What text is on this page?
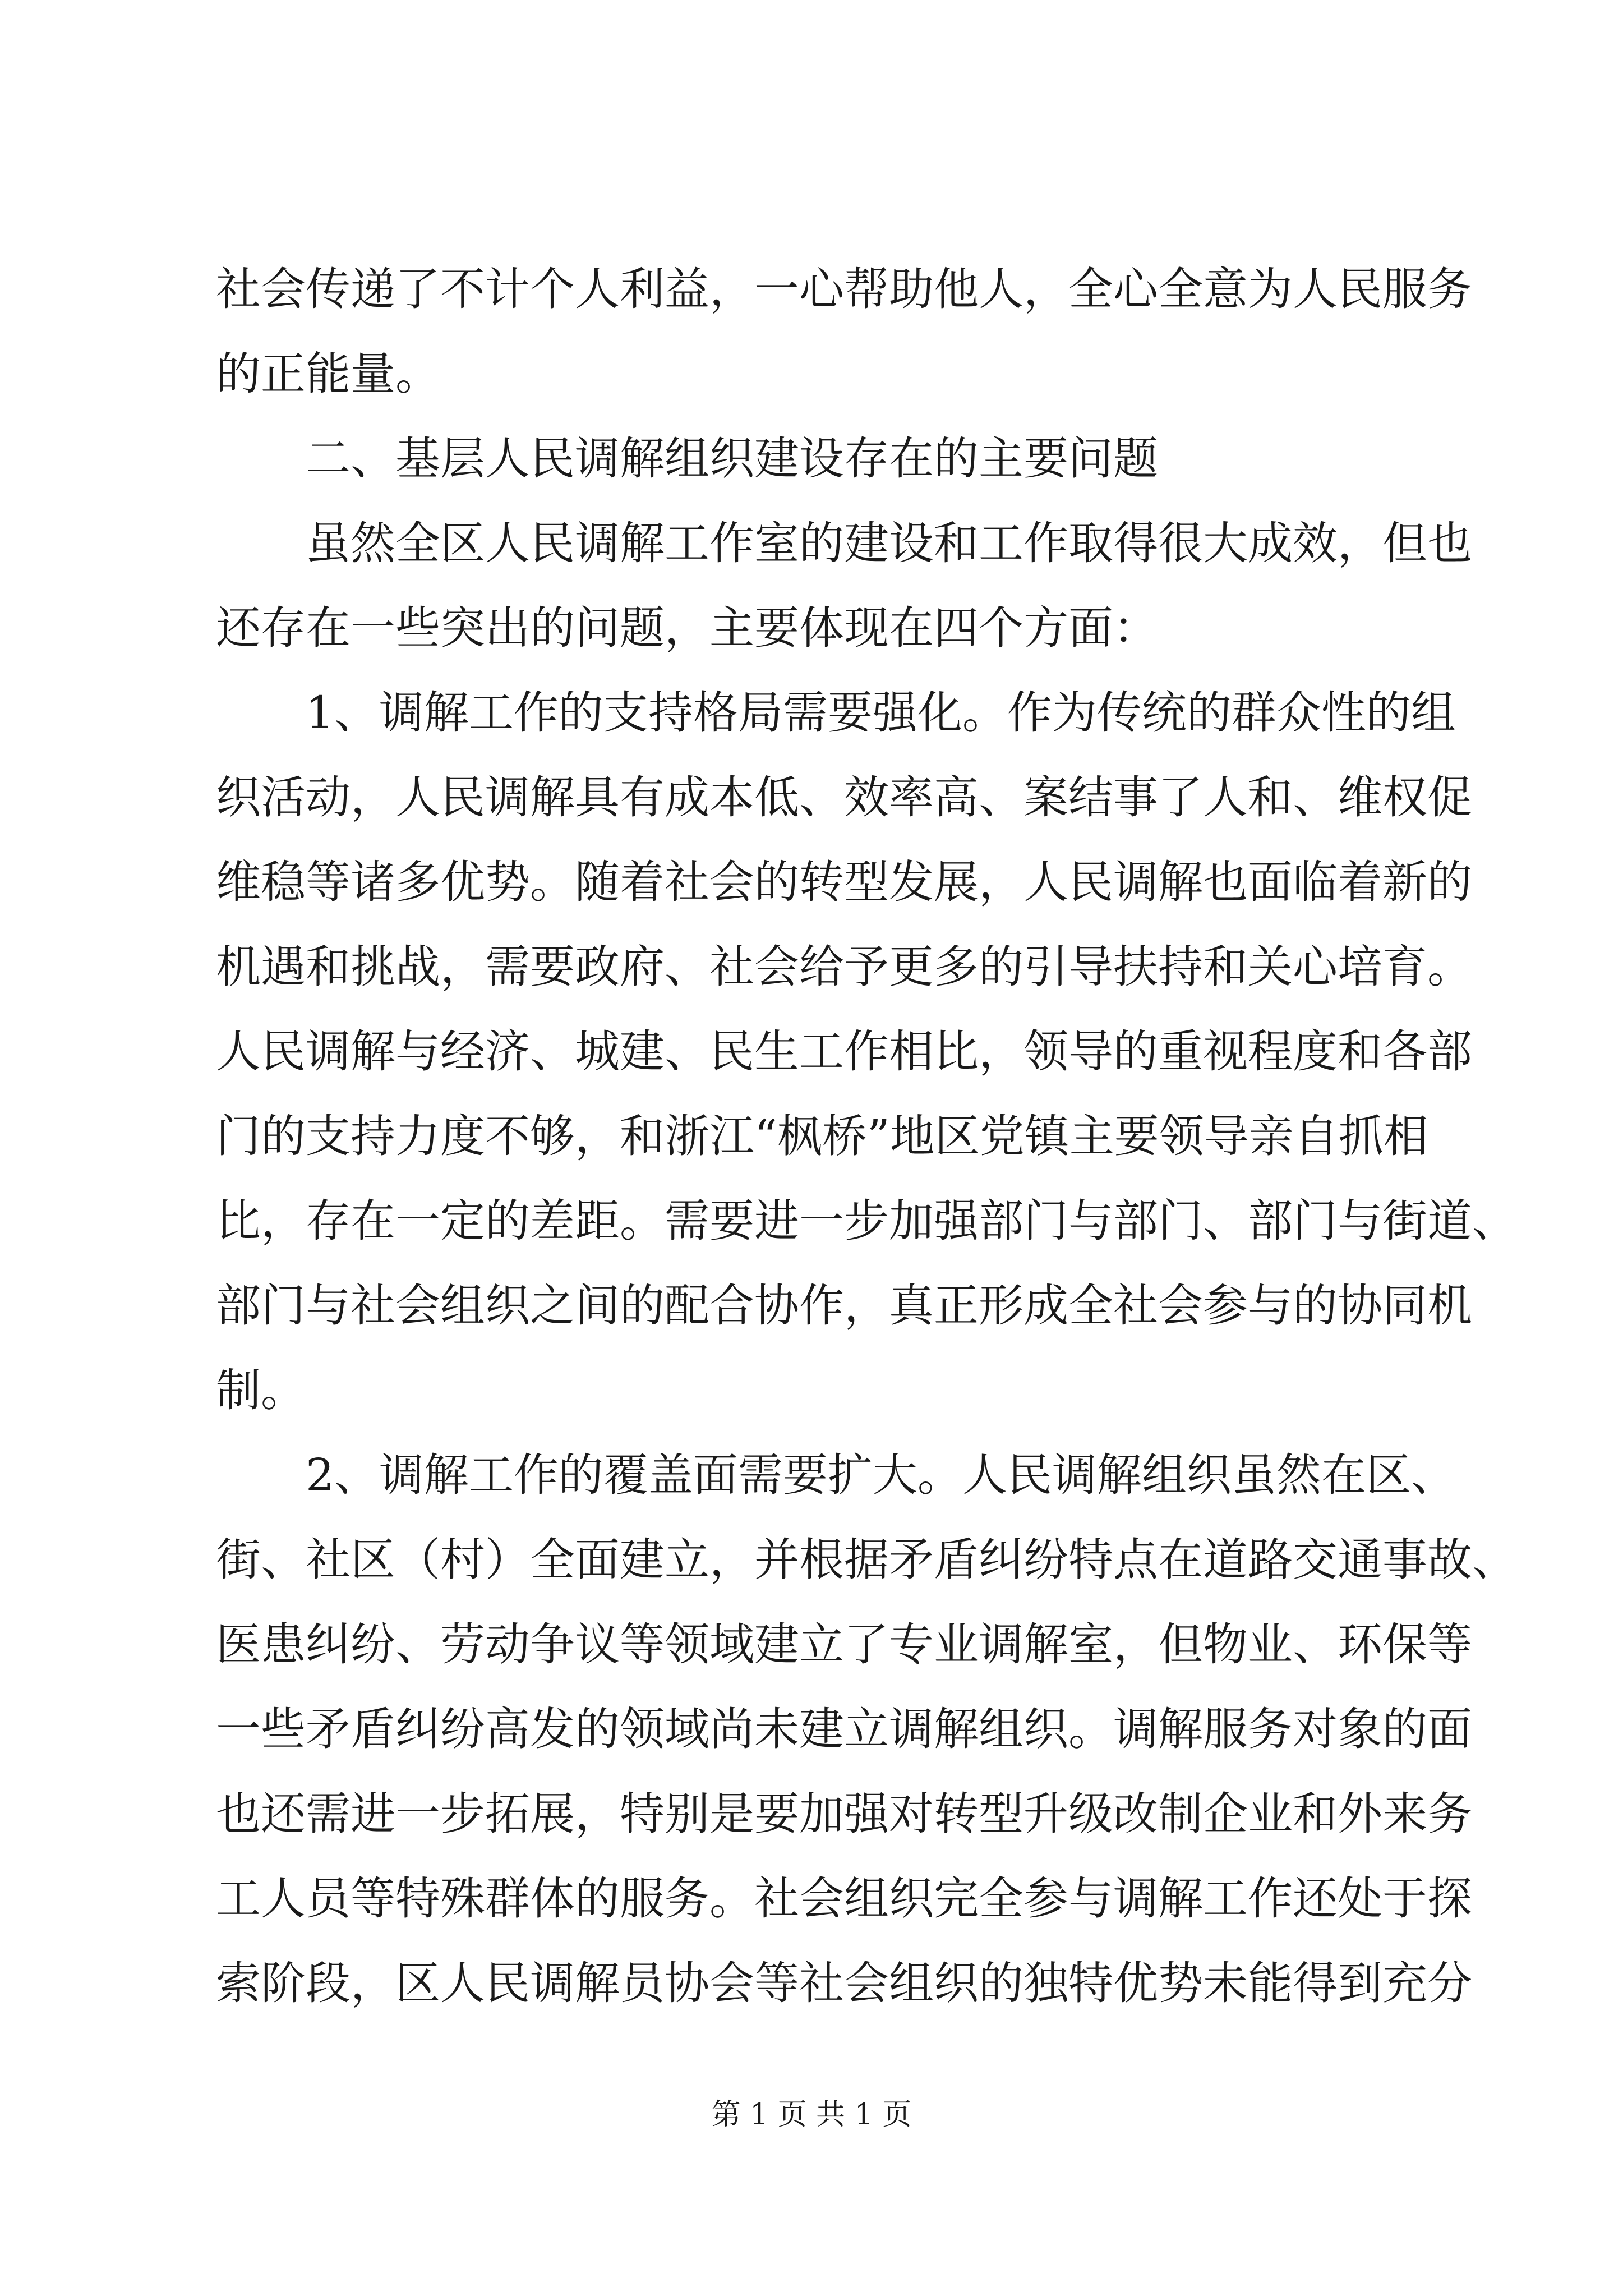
社会传递了不计个人利益，一心帮助他人，全心全意为人民服务
的正能量。
二、基层人民调解组织建设存在的主要问题
虽然全区人民调解工作室的建设和工作取得很大成效，但也
还存在一些突出的问题，主要体现在四个方面：
1、调解工作的支持格局需要强化。作为传统的群众性的组
织活动，人民调解具有成本低、效率高、案结事了人和、维权促
维稳等诸多优势。随着社会的转型发展，人民调解也面临着新的
机遇和挑战，需要政府、社会给予更多的引导扶持和关心培育。
人民调解与经济、城建、民生工作相比，领导的重视程度和各部
门的支持力度不够，和浙江“枫桥”地区党镇主要领导亲自抓相
比，存在一定的差距。需要进一步加强部门与部门、部门与街道、
部门与社会组织之间的配合协作，真正形成全社会参与的协同机
制。
2、调解工作的覆盖面需要扩大。人民调解组织虽然在区、
街、社区（村）全面建立，并根据矛盾纠纷特点在道路交通事故、
医患纠纷、劳动争议等领域建立了专业调解室，但物业、环保等
一些矛盾纠纷高发的领域尚未建立调解组织。调解服务对象的面
也还需进一步拓展，特别是要加强对转型升级改制企业和外来务
工人员等特殊群体的服务。社会组织完全参与调解工作还处于探
索阶段，区人民调解员协会等社会组织的独特优势未能得到充分
第 1 页 共 1 页
